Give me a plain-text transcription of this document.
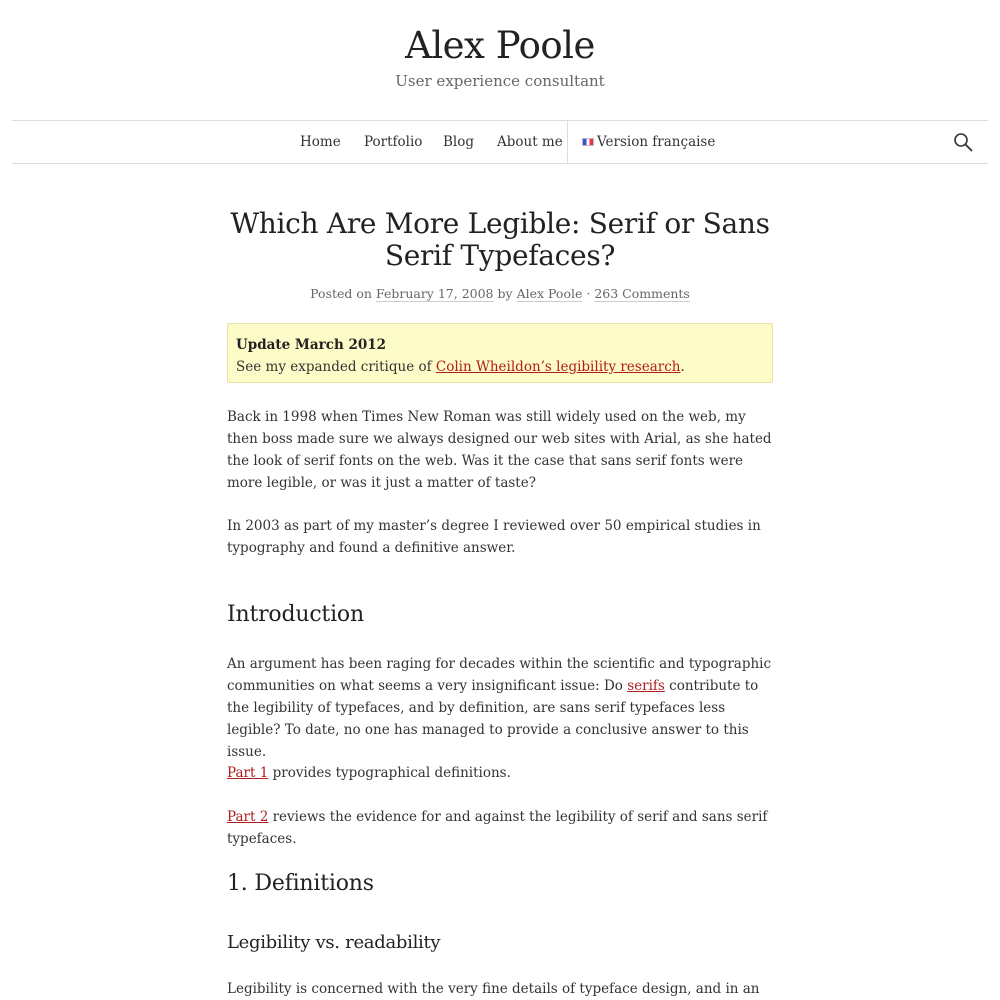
Alex Poole
User experience consultant
Home Portfolio Blog About me	Version française
Which Are More Legible: Serif or Sans Serif Typefaces?
Posted on February 17, 2008 by Alex Poole · 263 Comments
Update March 2012
See my expanded critique of Colin Wheildon’s legibility research.

Back in 1998 when Times New Roman was still widely used on the web, my then boss made sure we always designed our web sites with Arial, as she hated the look of serif fonts on the web. Was it the case that sans serif fonts were more legible, or was it just a matter of taste?

In 2003 as part of my master’s degree I reviewed over 50 empirical studies in typography and found a definitive answer.

Introduction

An argument has been raging for decades within the scientific and typographic communities on what seems a very insignificant issue: Do serifs contribute to the legibility of typefaces, and by definition, are sans serif typefaces less legible? To date, no one has managed to provide a conclusive answer to this issue.

Part 1 provides typographical definitions.

Part 2 reviews the evidence for and against the legibility of serif and sans serif typefaces.

1. Definitions
Legibility vs. readability

Legibility is concerned with the very fine details of typeface design, and in an
